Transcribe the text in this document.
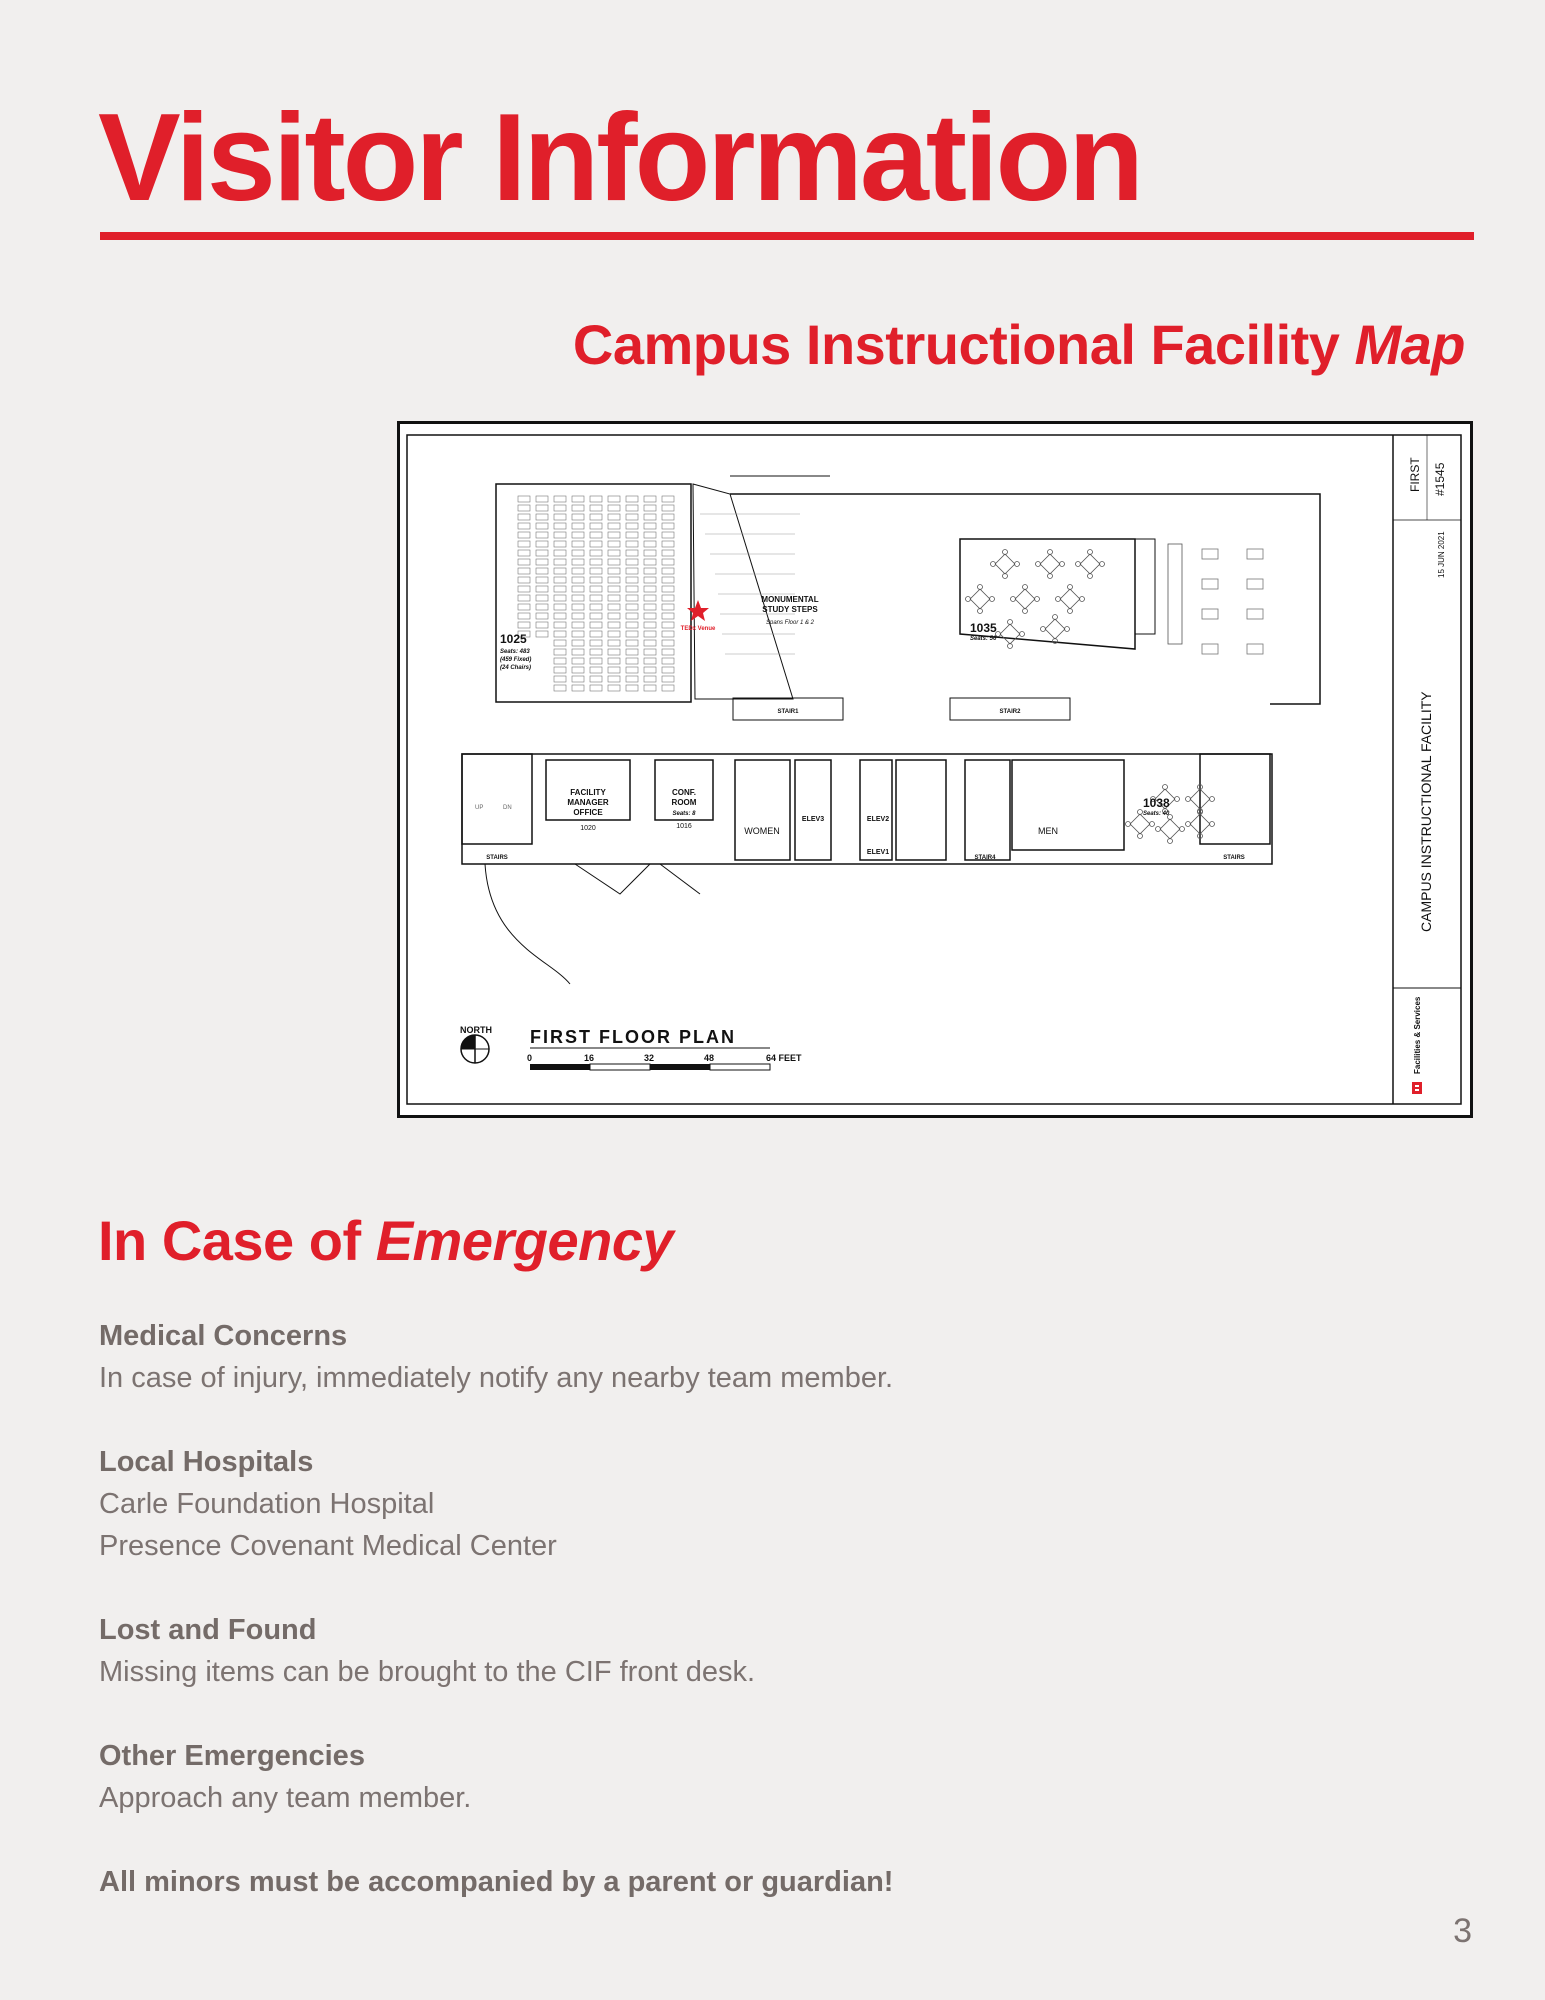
Visitor Information
Campus Instructional Facility Map
FIRST #1545
15 JUN 2021
CAMPUS INSTRUCTIONAL FACILITY
Facilities & Services
1025
Seats: 483
(459 Fixed)
(24 Chairs)
MONUMENTAL
STUDY STEPS
Spans Floor 1 & 2	1035
Seats: 56
1038
Seats: 40
FACILITY
MANAGER
OFFICE
1020
CONF.
ROOM
Seats: 8
1016	WOMEN	MEN
ELEV3	ELEV2
ELEV1
STAIR1	STAIR2
STAIR4
STAIRS	STAIRS
UP	DN
TEDx Venue
NORTH FIRST FLOOR PLAN
0	16	32	48	64 FEET
In Case of Emergency
Medical Concerns

In case of injury, immediately notify any nearby team member.

Local Hospitals

Carle Foundation Hospital

Presence Covenant Medical Center

Lost and Found

Missing items can be brought to the CIF front desk.

Other Emergencies

Approach any team member.

All minors must be accompanied by a parent or guardian!

3
